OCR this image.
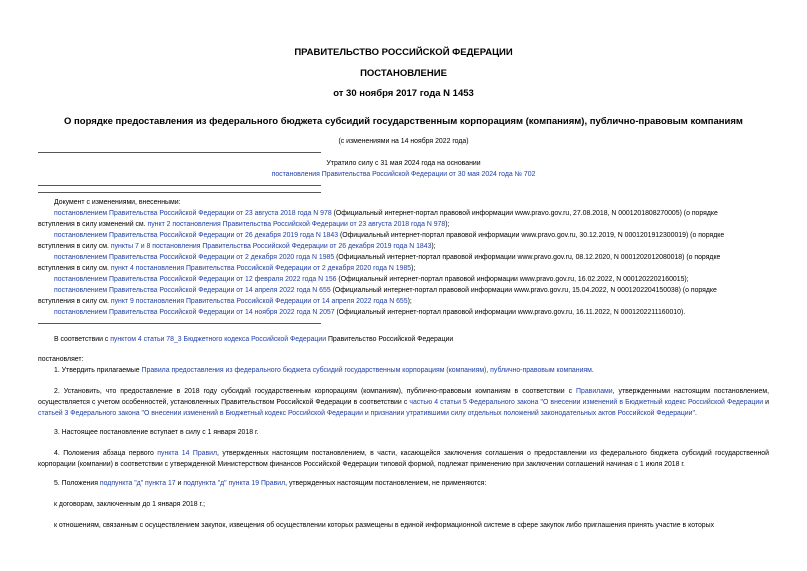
ПРАВИТЕЛЬСТВО РОССИЙСКОЙ ФЕДЕРАЦИИ
ПОСТАНОВЛЕНИЕ
от 30 ноября 2017 года N 1453
О порядке предоставления из федерального бюджета субсидий государственным корпорациям (компаниям), публично-правовым компаниям
(с изменениями на 14 ноября 2022 года)
Утратило силу с 31 мая 2024 года на основании
постановления Правительства Российской Федерации от 30 мая 2024 года № 702
Документ с изменениями, внесенными:
постановлением Правительства Российской Федерации от 23 августа 2018 года N 978 (Официальный интернет-портал правовой информации www.pravo.gov.ru, 27.08.2018, N 0001201808270005) (о порядке
вступления в силу изменений см. пункт 2 постановления Правительства Российской Федерации от 23 августа 2018 года N 978);
постановлением Правительства Российской Федерации от 26 декабря 2019 года N 1843 (Официальный интернет-портал правовой информации www.pravo.gov.ru, 30.12.2019, N 0001201912300019) (о порядке
вступления в силу см. пункты 7 и 8 постановления Правительства Российской Федерации от 26 декабря 2019 года N 1843);
постановлением Правительства Российской Федерации от 2 декабря 2020 года N 1985 (Официальный интернет-портал правовой информации www.pravo.gov.ru, 08.12.2020, N 0001202012080018) (о порядке
вступления в силу см. пункт 4 постановления Правительства Российской Федерации от 2 декабря 2020 года N 1985);
постановлением Правительства Российской Федерации от 12 февраля 2022 года N 156 (Официальный интернет-портал правовой информации www.pravo.gov.ru, 16.02.2022, N 0001202202160015);
постановлением Правительства Российской Федерации от 14 апреля 2022 года N 655 (Официальный интернет-портал правовой информации www.pravo.gov.ru, 15.04.2022, N 0001202204150038) (о порядке
вступления в силу см. пункт 9 постановления Правительства Российской Федерации от 14 апреля 2022 года N 655);
постановлением Правительства Российской Федерации от 14 ноября 2022 года N 2057 (Официальный интернет-портал правовой информации www.pravo.gov.ru, 16.11.2022, N 0001202211160010).
В соответствии с пунктом 4 статьи 78_3 Бюджетного кодекса Российской Федерации Правительство Российской Федерации
постановляет:
1. Утвердить прилагаемые Правила предоставления из федерального бюджета субсидий государственным корпорациям (компаниям), публично-правовым компаниям.
2. Установить, что предоставление в 2018 году субсидий государственным корпорациям (компаниям), публично-правовым компаниям в соответствии с Правилами, утвержденными настоящим постановлением, осуществляется с учетом особенностей, установленных Правительством Российской Федерации в соответствии с частью 4 статьи 5 Федерального закона "О внесении изменений в Бюджетный кодекс Российской Федерации и статьей 3 Федерального закона "О внесении изменений в Бюджетный кодекс Российской Федерации и признании утратившими силу отдельных положений законодательных актов Российской Федерации".
3. Настоящее постановление вступает в силу с 1 января 2018 г.
4. Положения абзаца первого пункта 14 Правил, утвержденных настоящим постановлением, в части, касающейся заключения соглашения о предоставлении из федерального бюджета субсидий государственной корпорации (компании) в соответствии с утвержденной Министерством финансов Российской Федерации типовой формой, подлежат применению при заключении соглашений начиная с 1 июля 2018 г.
5. Положения подпункта "д" пункта 17 и подпункта "д" пункта 19 Правил, утвержденных настоящим постановлением, не применяются:
к договорам, заключенным до 1 января 2018 г.;
к отношениям, связанным с осуществлением закупок, извещения об осуществлении которых размещены в единой информационной системе в сфере закупок либо приглашения принять участие в которых
